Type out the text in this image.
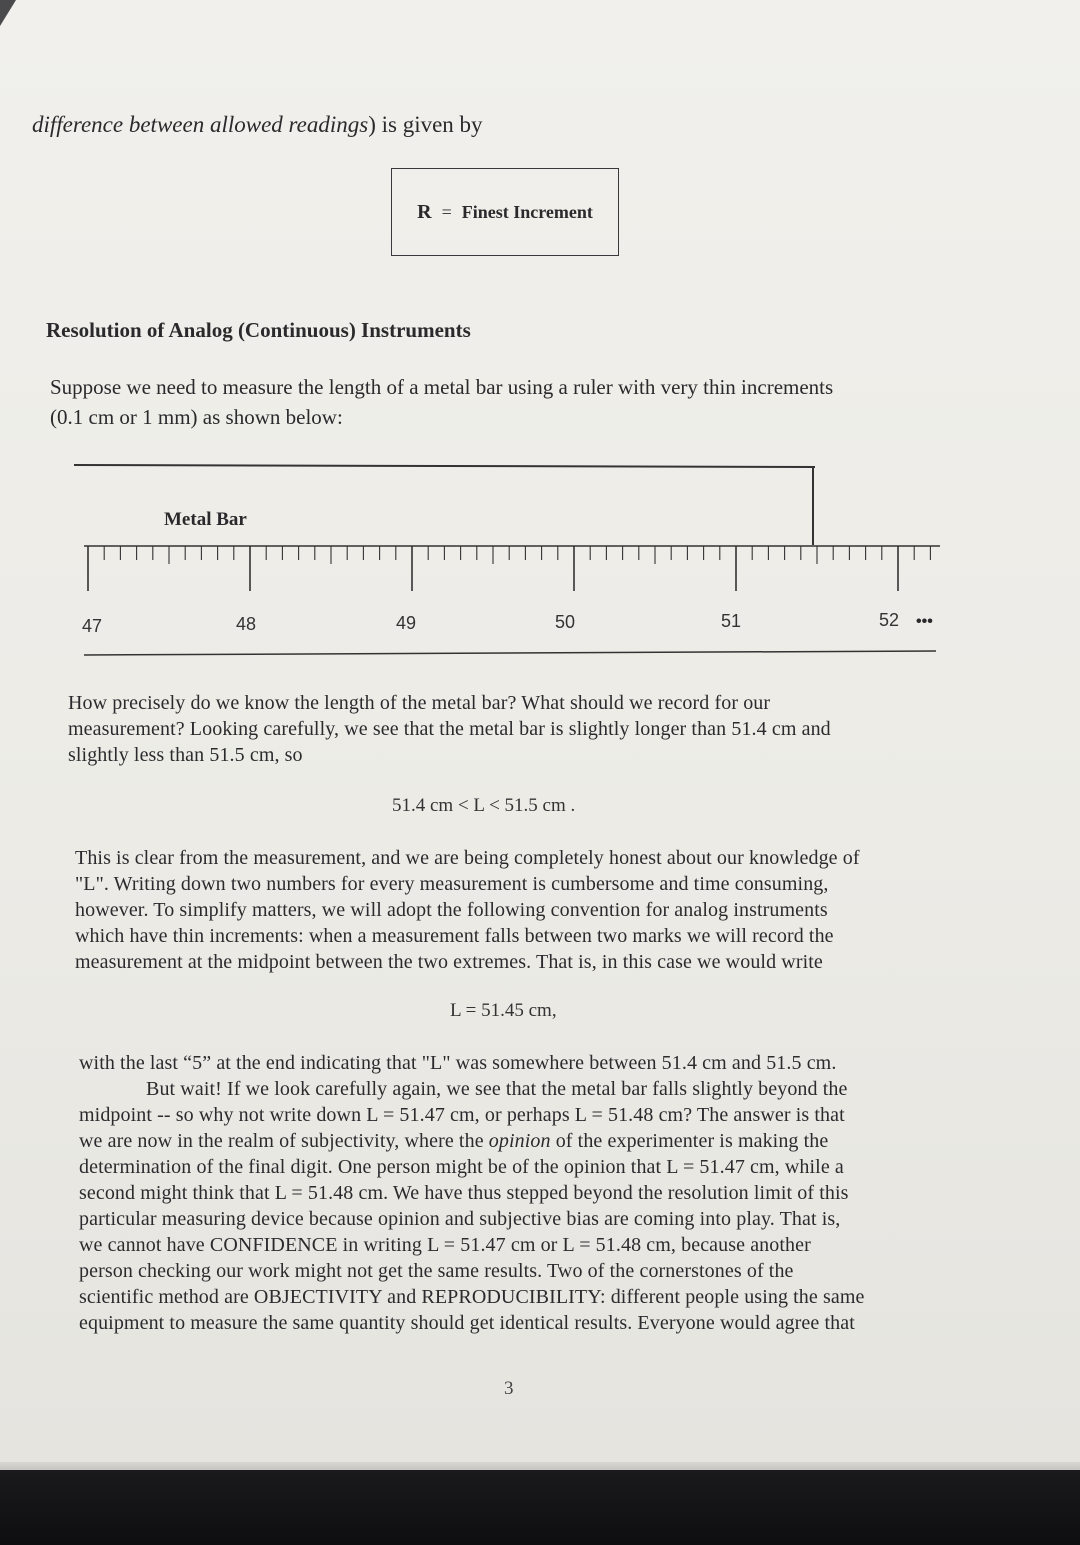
difference between allowed readings) is given by

R = Finest Increment

Resolution of Analog (Continuous) Instruments

Suppose we need to measure the length of a metal bar using a ruler with very thin increments
(0.1 cm or 1 mm) as shown below:
Metal Bar
47	48	49	50	51	52 •••
How precisely do we know the length of the metal bar? What should we record for our
measurement? Looking carefully, we see that the metal bar is slightly longer than 51.4 cm and
slightly less than 51.5 cm, so

51.4 cm < L < 51.5 cm .

This is clear from the measurement, and we are being completely honest about our knowledge of
"L". Writing down two numbers for every measurement is cumbersome and time consuming,
however. To simplify matters, we will adopt the following convention for analog instruments
which have thin increments: when a measurement falls between two marks we will record the
measurement at the midpoint between the two extremes. That is, in this case we would write

L = 51.45 cm,

with the last “5” at the end indicating that "L" was somewhere between 51.4 cm and 51.5 cm.
But wait! If we look carefully again, we see that the metal bar falls slightly beyond the
midpoint -- so why not write down L = 51.47 cm, or perhaps L = 51.48 cm? The answer is that
we are now in the realm of subjectivity, where the opinion of the experimenter is making the
determination of the final digit. One person might be of the opinion that L = 51.47 cm, while a
second might think that L = 51.48 cm. We have thus stepped beyond the resolution limit of this
particular measuring device because opinion and subjective bias are coming into play. That is,
we cannot have CONFIDENCE in writing L = 51.47 cm or L = 51.48 cm, because another
person checking our work might not get the same results. Two of the cornerstones of the
scientific method are OBJECTIVITY and REPRODUCIBILITY: different people using the same
equipment to measure the same quantity should get identical results. Everyone would agree that

3
